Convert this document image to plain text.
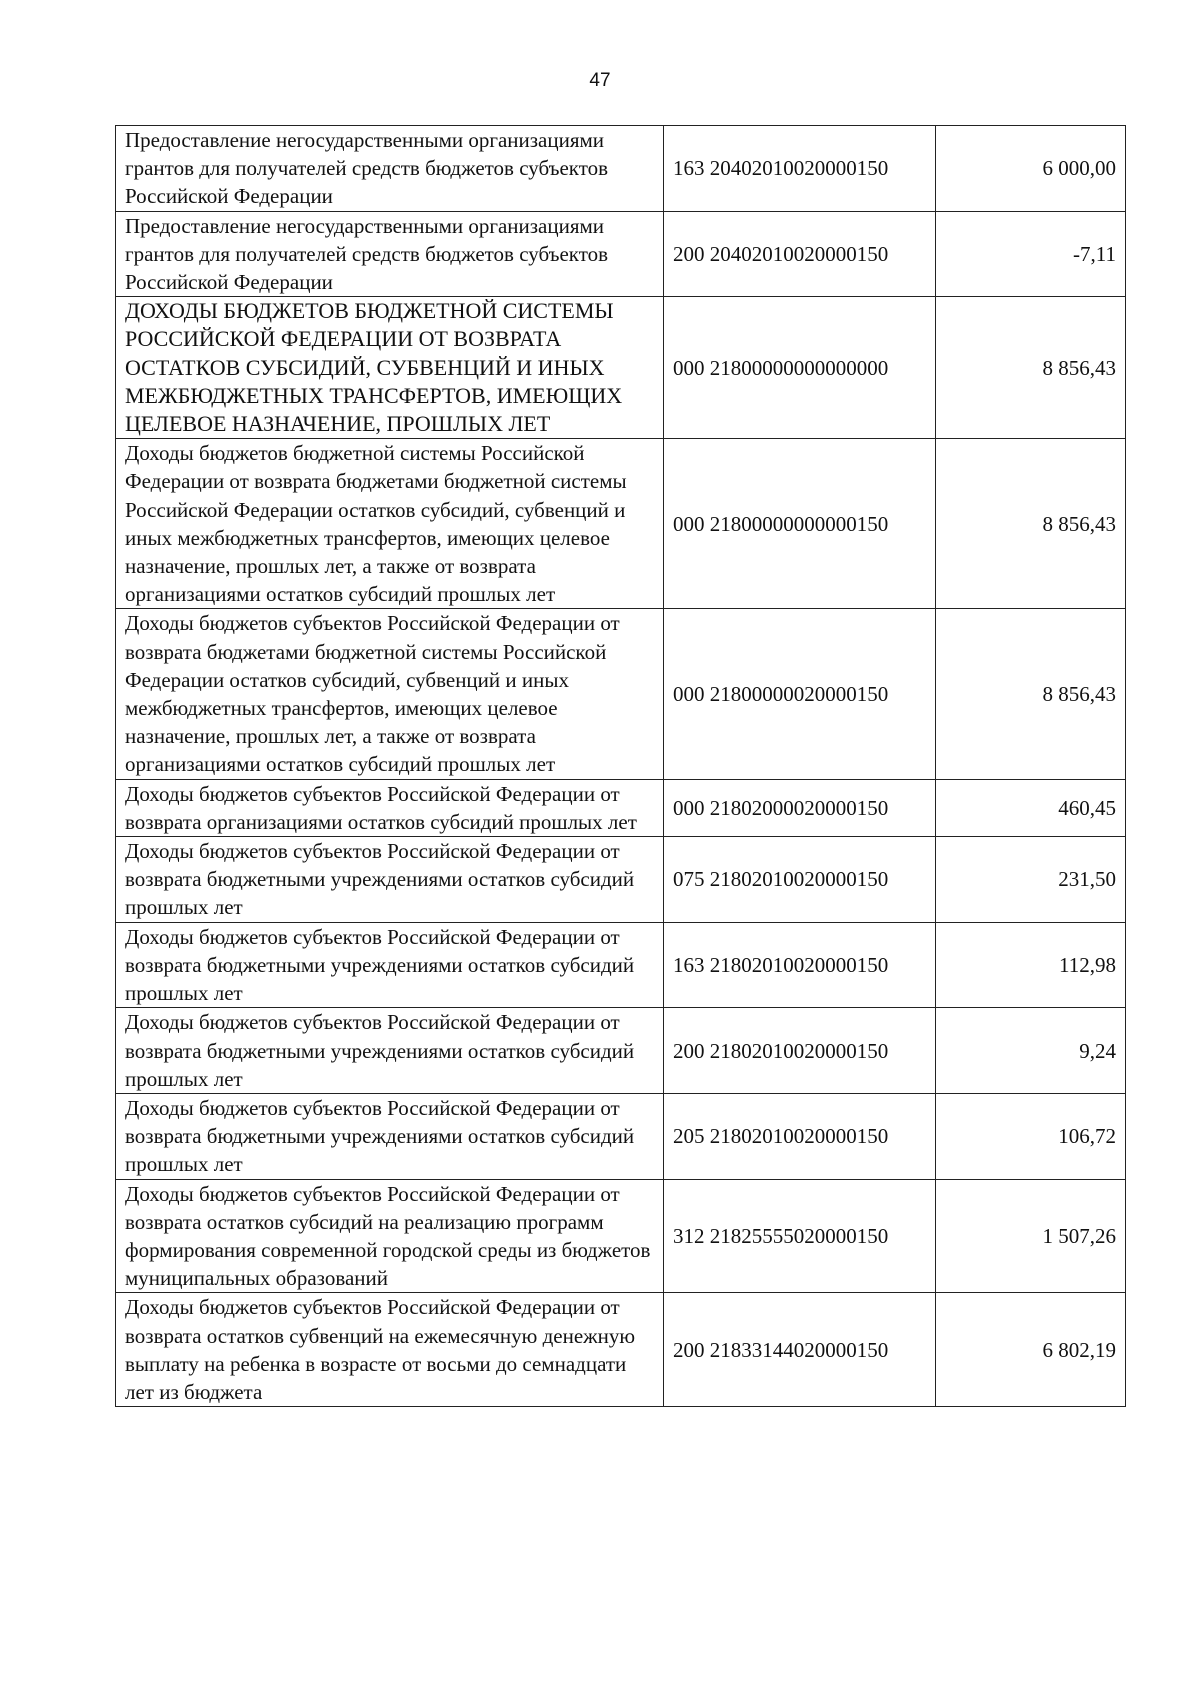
47
Предоставление негосударственными организациями грантов для получателей средств бюджетов субъектов Российской Федерации	163 20402010020000150	6 000,00
Предоставление негосударственными организациями грантов для получателей средств бюджетов субъектов Российской Федерации	200 20402010020000150	-7,11
ДОХОДЫ БЮДЖЕТОВ БЮДЖЕТНОЙ СИСТЕМЫ РОССИЙСКОЙ ФЕДЕРАЦИИ ОТ ВОЗВРАТА ОСТАТКОВ СУБСИДИЙ, СУБВЕНЦИЙ И ИНЫХ МЕЖБЮДЖЕТНЫХ ТРАНСФЕРТОВ, ИМЕЮЩИХ ЦЕЛЕВОЕ НАЗНАЧЕНИЕ, ПРОШЛЫХ ЛЕТ	000 21800000000000000	8 856,43
Доходы бюджетов бюджетной системы Российской Федерации от возврата бюджетами бюджетной системы Российской Федерации остатков субсидий, субвенций и иных межбюджетных трансфертов, имеющих целевое назначение, прошлых лет, а также от возврата организациями остатков субсидий прошлых лет	000 21800000000000150	8 856,43
Доходы бюджетов субъектов Российской Федерации от возврата бюджетами бюджетной системы Российской Федерации остатков субсидий, субвенций и иных межбюджетных трансфертов, имеющих целевое назначение, прошлых лет, а также от возврата организациями остатков субсидий прошлых лет	000 21800000020000150	8 856,43
Доходы бюджетов субъектов Российской Федерации от возврата организациями остатков субсидий прошлых лет	000 21802000020000150	460,45
Доходы бюджетов субъектов Российской Федерации от возврата бюджетными учреждениями остатков субсидий прошлых лет	075 21802010020000150	231,50
Доходы бюджетов субъектов Российской Федерации от возврата бюджетными учреждениями остатков субсидий прошлых лет	163 21802010020000150	112,98
Доходы бюджетов субъектов Российской Федерации от возврата бюджетными учреждениями остатков субсидий прошлых лет	200 21802010020000150	9,24
Доходы бюджетов субъектов Российской Федерации от возврата бюджетными учреждениями остатков субсидий прошлых лет	205 21802010020000150	106,72
Доходы бюджетов субъектов Российской Федерации от возврата остатков субсидий на реализацию программ формирования современной городской среды из бюджетов муниципальных образований	312 21825555020000150	1 507,26
Доходы бюджетов субъектов Российской Федерации от возврата остатков субвенций на ежемесячную денежную выплату на ребенка в возрасте от восьми до семнадцати лет из бюджета	200 21833144020000150	6 802,19
